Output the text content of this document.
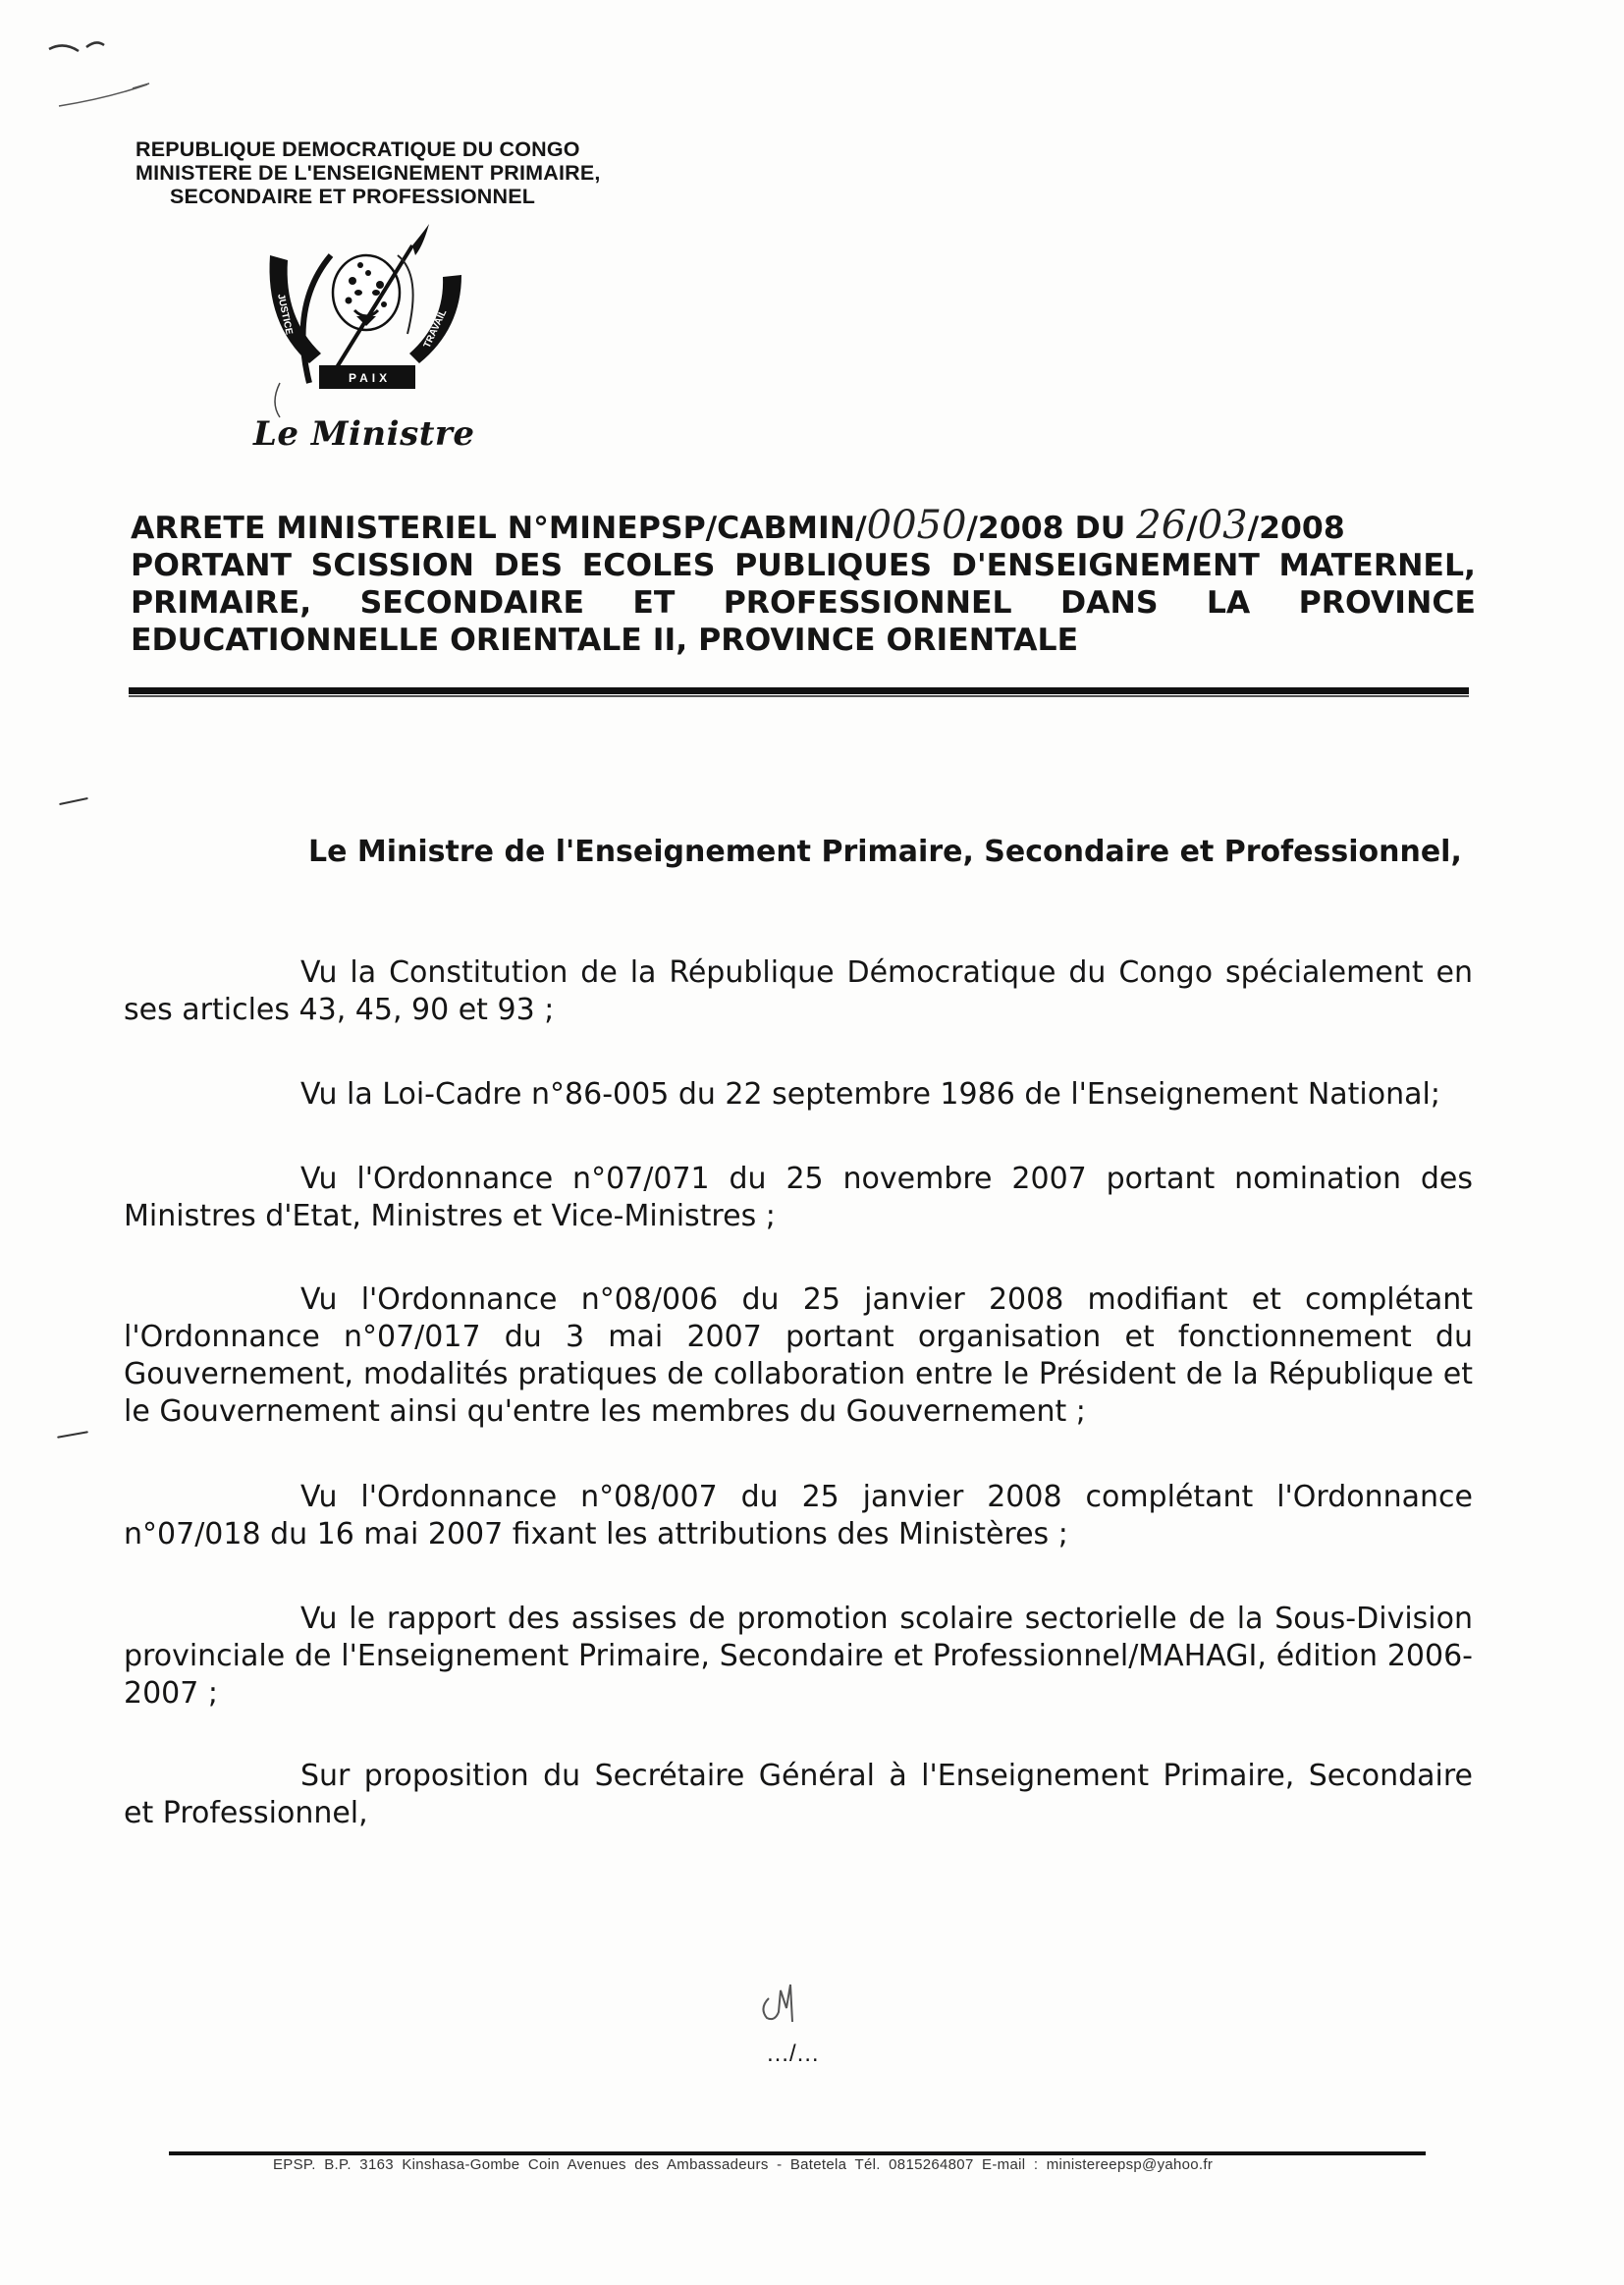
REPUBLIQUE DEMOCRATIQUE DU CONGO
MINISTERE DE L'ENSEIGNEMENT PRIMAIRE,
SECONDAIRE ET PROFESSIONNEL
JUSTICE
PAIX
TRAVAIL
Le Ministre
ARRETE MINISTERIEL N°MINEPSP/CABMIN/0050/2008 DU 26/03/2008
PORTANT SCISSION DES ECOLES PUBLIQUES D'ENSEIGNEMENT MATERNEL,
PRIMAIRE, SECONDAIRE ET PROFESSIONNEL DANS LA PROVINCE
EDUCATIONNELLE ORIENTALE II, PROVINCE ORIENTALE
Le Ministre de l'Enseignement Primaire, Secondaire et Professionnel,
Vu la Constitution de la République Démocratique du Congo spécialement en ses articles 43, 45, 90 et 93 ;
Vu la Loi-Cadre n°86-005 du 22 septembre 1986 de l'Enseignement National;
Vu l'Ordonnance n°07/071 du 25 novembre 2007 portant nomination des Ministres d'Etat, Ministres et Vice-Ministres ;
Vu l'Ordonnance n°08/006 du 25 janvier 2008 modifiant et complétant l'Ordonnance n°07/017 du 3 mai 2007 portant organisation et fonctionnement du Gouvernement, modalités pratiques de collaboration entre le Président de la République et le Gouvernement ainsi qu'entre les membres du Gouvernement ;
Vu l'Ordonnance n°08/007 du 25 janvier 2008 complétant l'Ordonnance n°07/018 du 16 mai 2007 fixant les attributions des Ministères ;
Vu le rapport des assises de promotion scolaire sectorielle de la Sous-Division provinciale de l'Enseignement Primaire, Secondaire et Professionnel/MAHAGI, édition 2006-2007 ;
Sur proposition du Secrétaire Général à l'Enseignement Primaire, Secondaire et Professionnel,
…/…
EPSP. B.P. 3163 Kinshasa-Gombe Coin Avenues des Ambassadeurs - Batetela Tél. 0815264807 E-mail : ministereepsp@yahoo.fr
